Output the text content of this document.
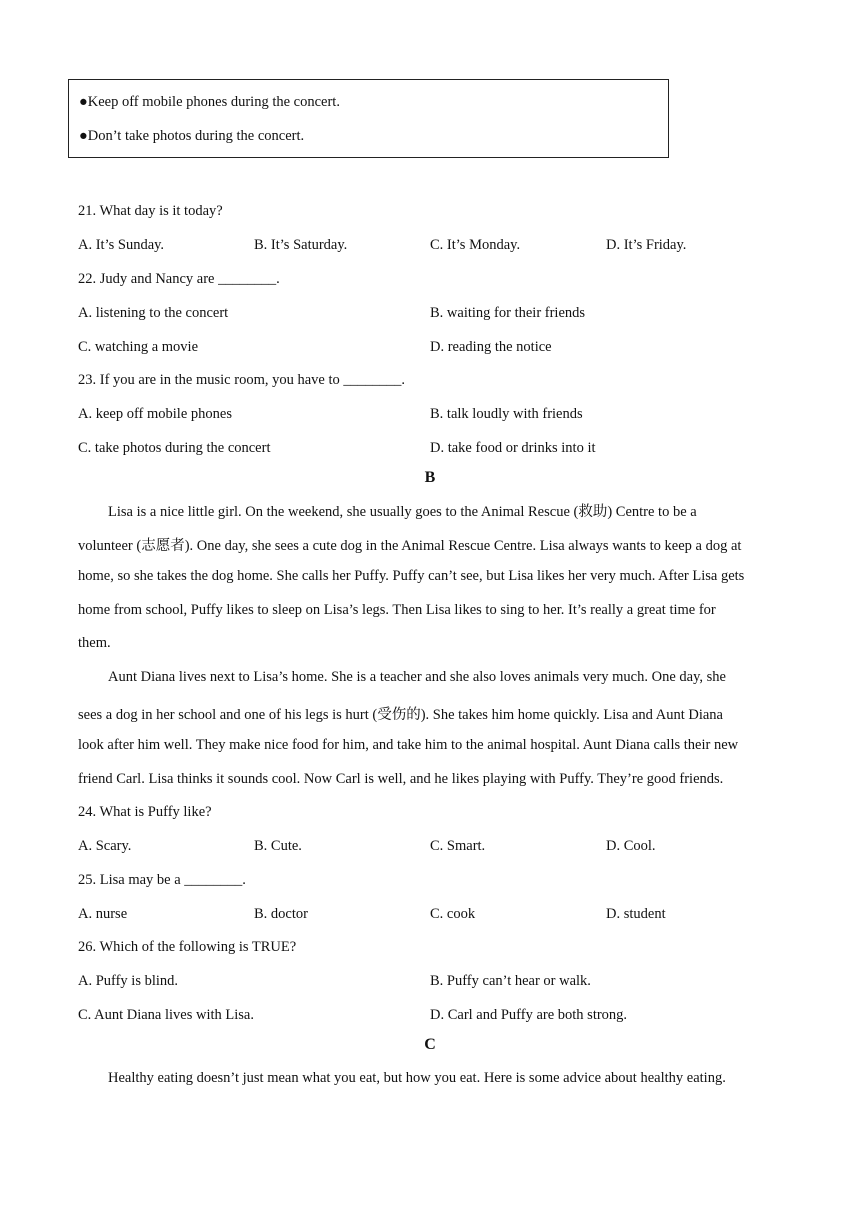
●Keep off mobile phones during the concert.
●Don’t take photos during the concert.
21. What day is it today?
A. It’s Sunday.	B. It’s Saturday.	C. It’s Monday.	D. It’s Friday.
22. Judy and Nancy are ________.
A. listening to the concert	B. waiting for their friends
C. watching a movie	D. reading the notice
23. If you are in the music room, you have to ________.
A. keep off mobile phones	B. talk loudly with friends
C. take photos during the concert	D. take food or drinks into it
B
Lisa is a nice little girl. On the weekend, she usually goes to the Animal Rescue (救助) Centre to be a
volunteer (志愿者). One day, she sees a cute dog in the Animal Rescue Centre. Lisa always wants to keep a dog at
home, so she takes the dog home. She calls her Puffy. Puffy can’t see, but Lisa likes her very much. After Lisa gets
home from school, Puffy likes to sleep on Lisa’s legs. Then Lisa likes to sing to her. It’s really a great time for
them.
Aunt Diana lives next to Lisa’s home. She is a teacher and she also loves animals very much. One day, she
sees a dog in her school and one of his legs is hurt (受伤的). She takes him home quickly. Lisa and Aunt Diana
look after him well. They make nice food for him, and take him to the animal hospital. Aunt Diana calls their new
friend Carl. Lisa thinks it sounds cool. Now Carl is well, and he likes playing with Puffy. They’re good friends.
24. What is Puffy like?
A. Scary.	B. Cute.	C. Smart.	D. Cool.
25. Lisa may be a ________.
A. nurse	B. doctor	C. cook	D. student
26. Which of the following is TRUE?
A. Puffy is blind.	B. Puffy can’t hear or walk.
C. Aunt Diana lives with Lisa.	D. Carl and Puffy are both strong.
C
Healthy eating doesn’t just mean what you eat, but how you eat. Here is some advice about healthy eating.
